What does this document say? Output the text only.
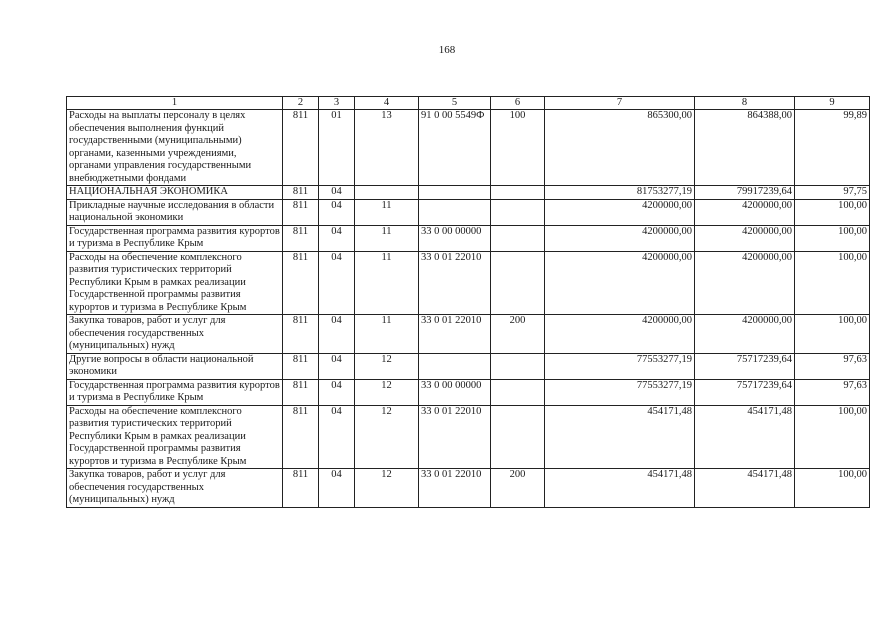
168
1	2	3	4	5	6	7	8	9
Расходы на выплаты персоналу в целях обеспечения выполнения функций государственными (муниципальными) органами, казенными учреждениями, органами управления государственными внебюджетными фондами	811	01	13	91 0 00 5549Ф	100	865300,00	864388,00	99,89
НАЦИОНАЛЬНАЯ ЭКОНОМИКА	811	04				81753277,19	79917239,64	97,75
Прикладные научные исследования в области национальной экономики	811	04	11			4200000,00	4200000,00	100,00
Государственная программа развития курортов и туризма в Республике Крым	811	04	11	33 0 00 00000		4200000,00	4200000,00	100,00
Расходы на обеспечение комплексного развития туристических территорий Республики Крым в рамках реализации Государственной программы развития курортов и туризма в Республике Крым	811	04	11	33 0 01 22010		4200000,00	4200000,00	100,00
Закупка товаров, работ и услуг для обеспечения государственных (муниципальных) нужд	811	04	11	33 0 01 22010	200	4200000,00	4200000,00	100,00
Другие вопросы в области национальной экономики	811	04	12			77553277,19	75717239,64	97,63
Государственная программа развития курортов и туризма в Республике Крым	811	04	12	33 0 00 00000		77553277,19	75717239,64	97,63
Расходы на обеспечение комплексного развития туристических территорий Республики Крым в рамках реализации Государственной программы развития курортов и туризма в Республике Крым	811	04	12	33 0 01 22010		454171,48	454171,48	100,00
Закупка товаров, работ и услуг для обеспечения государственных (муниципальных) нужд	811	04	12	33 0 01 22010	200	454171,48	454171,48	100,00
